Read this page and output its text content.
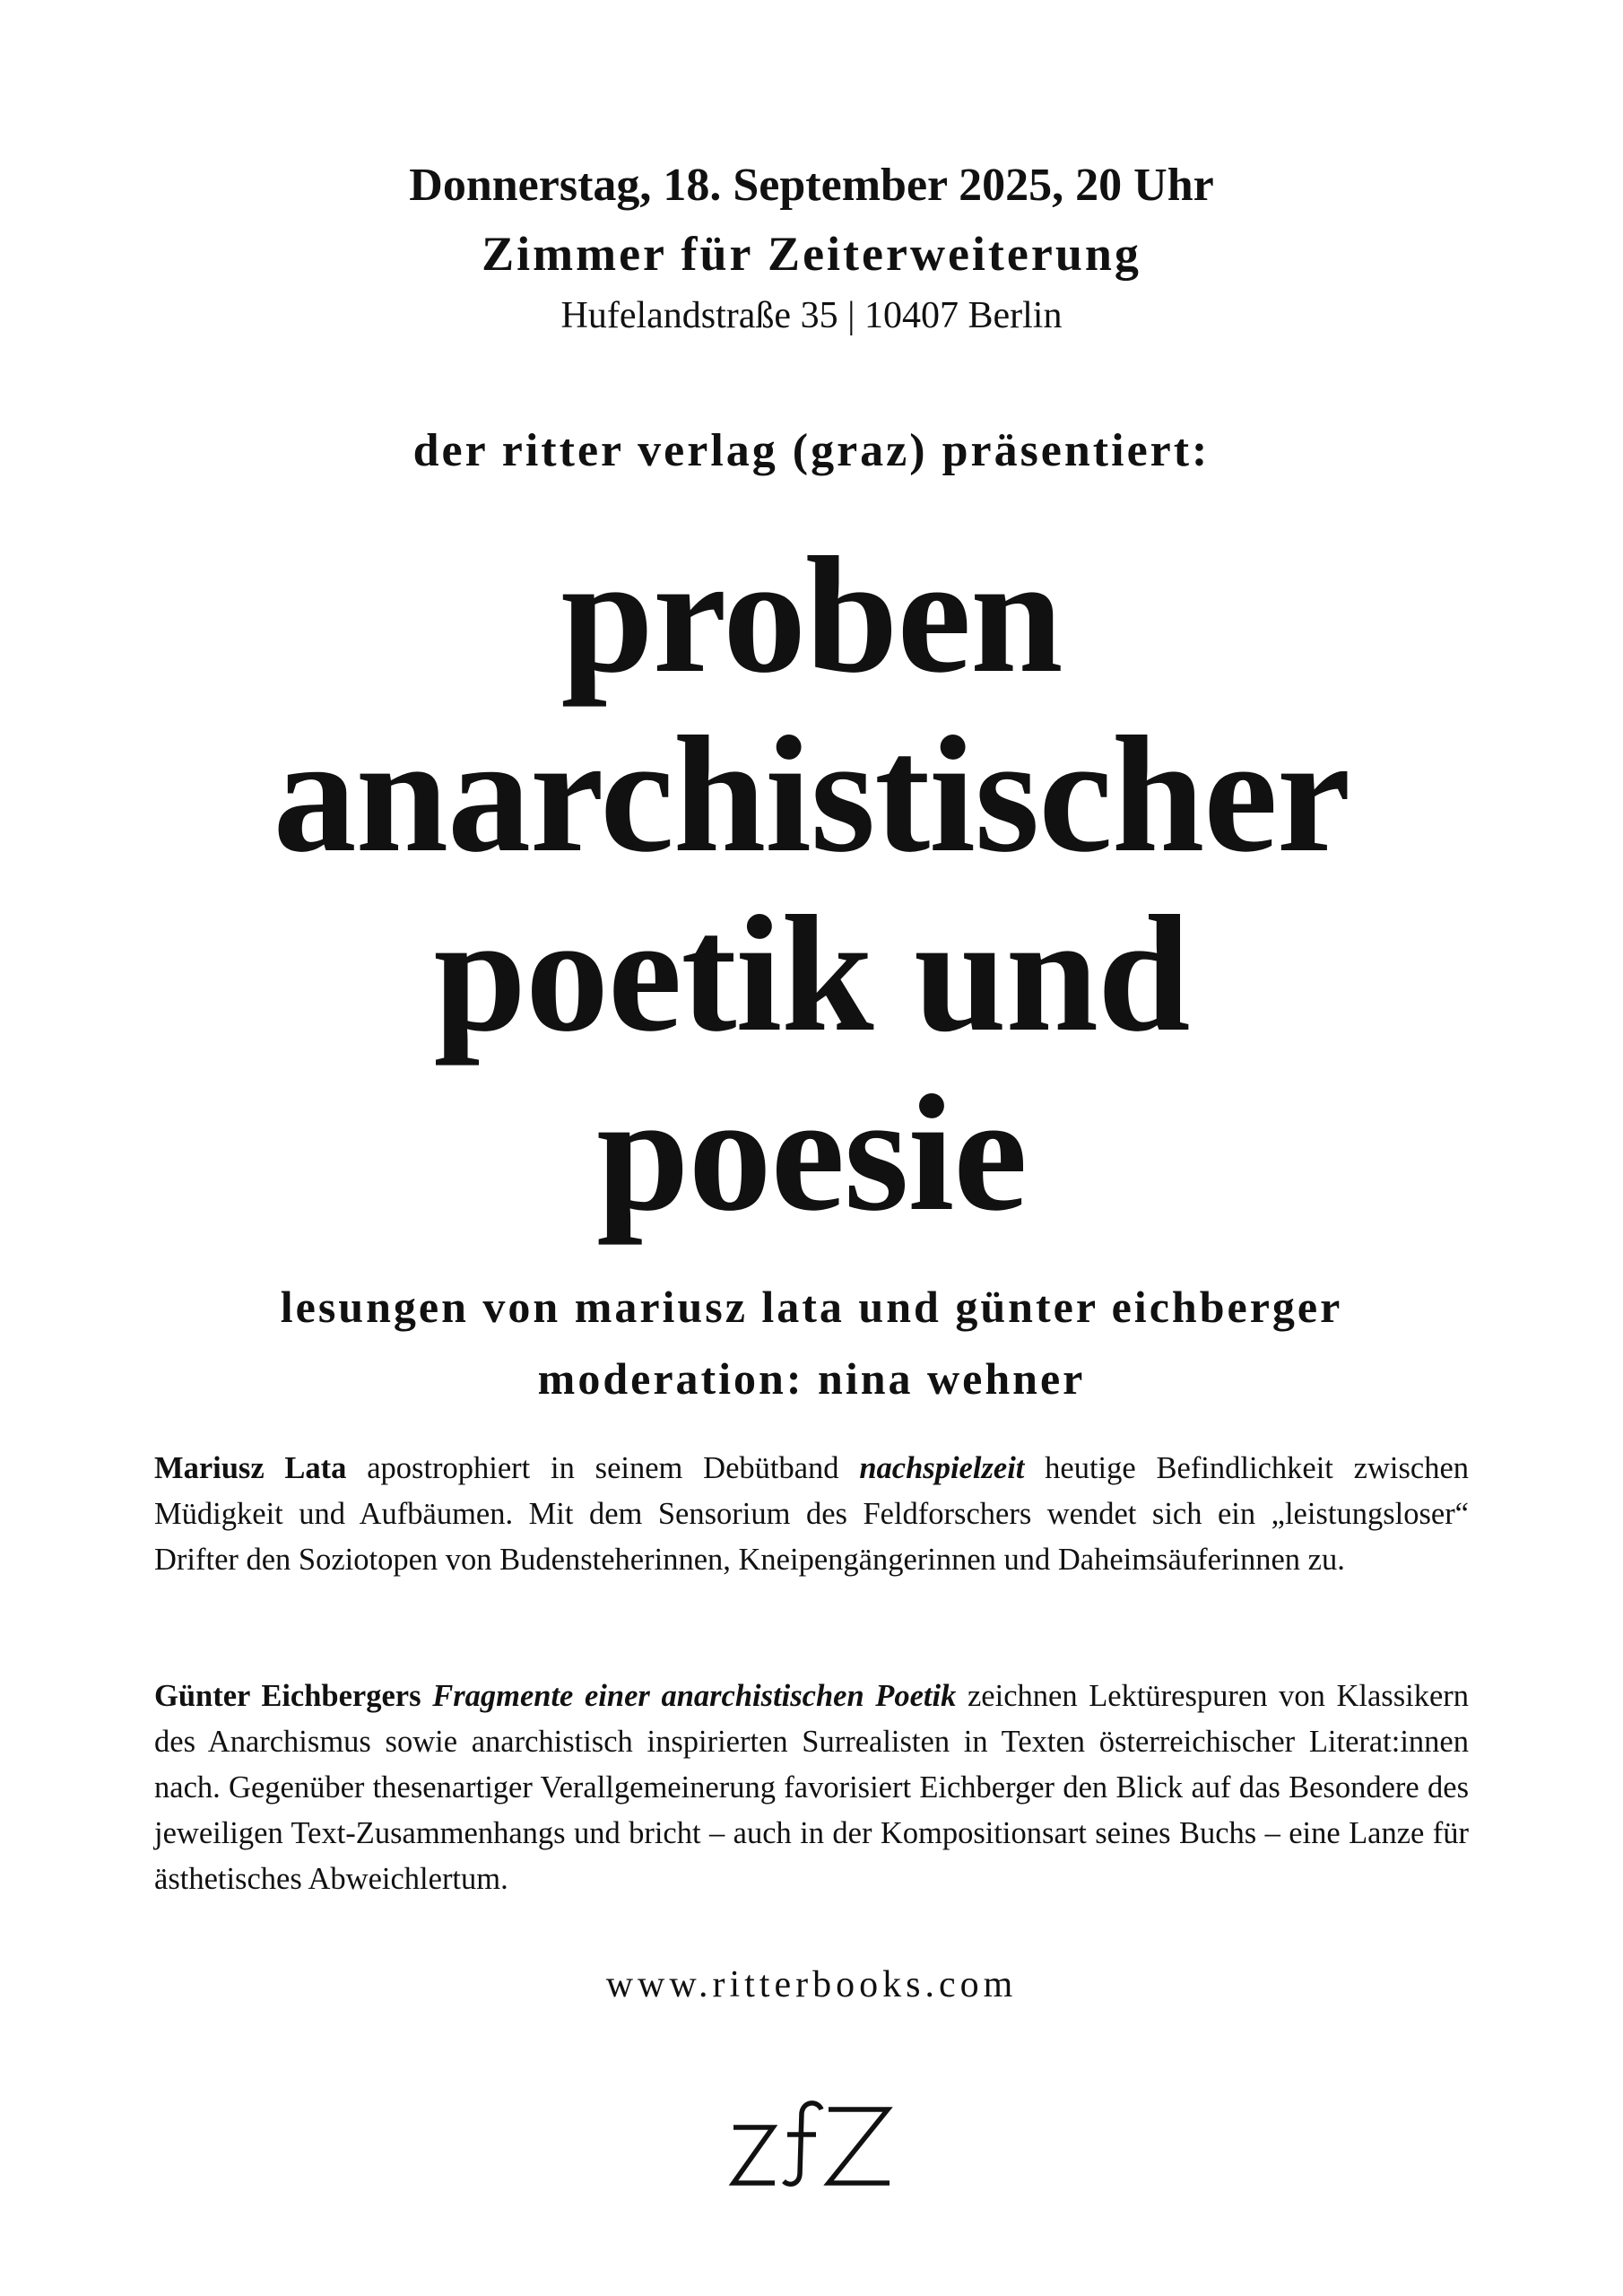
Donnerstag, 18. September 2025, 20 Uhr

Zimmer für Zeiterweiterung

Hufelandstraße 35 | 10407 Berlin

der ritter verlag (graz) präsentiert:

proben
anarchistischer
poetik und
poesie

lesungen von mariusz lata und günter eichberger

moderation: nina wehner

Mariusz Lata apostrophiert in seinem Debütband nachspielzeit heutige Befindlichkeit zwischen Müdigkeit und Aufbäumen. Mit dem Sensorium des Feldforschers wendet sich ein „leistungsloser“ Drifter den Soziotopen von Budensteherinnen, Kneipengängerinnen und Daheimsäuferinnen zu.

Günter Eichbergers Fragmente einer anarchistischen Poetik zeichnen Lektürespuren von Klassikern des Anarchismus sowie anarchistisch inspirierten Surrealisten in Texten österreichischer Literat:innen nach. Gegenüber thesenartiger Verallgemeinerung favorisiert Eichberger den Blick auf das Besondere des jeweiligen Text-Zusammenhangs und bricht – auch in der Kompositionsart seines Buchs – eine Lanze für ästhetisches Abweichlertum.

www.ritterbooks.com
